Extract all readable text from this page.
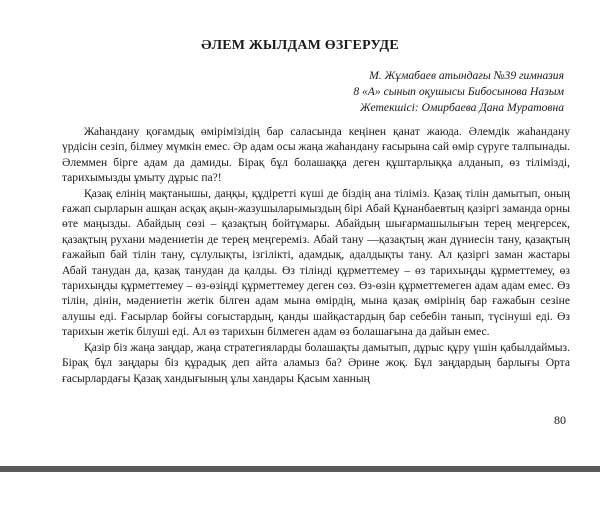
ӘЛЕМ ЖЫЛДАМ ӨЗГЕРУДЕ
М. Жұмабаев атындағы №39 гимназия
8 «А» сынып оқушысы Бибосынова Назым
Жетекшісі: Омирбаева Дана Муратовна

Жаһандану қоғамдық өмірімізідің бар саласында кеңінен қанат жаюда. Әлемдік жаһандану үрдісін сезіп, білмеу мүмкін емес. Әр адам осы жаңа жаһандану ғасырына сай өмір сүруге талпынады. Әлеммен бірге адам да дамиды. Бірақ бұл болашаққа деген құштарлыққа алданып, өз тілімізді, тарихымызды ұмыту дұрыс па?!

Қазақ елінің мақтанышы, даңқы, құдіретті күші де біздің ана тіліміз. Қазақ тілін дамытып, оның ғажап сырларын ашқан асқақ ақын-жазушыларымыздың бірі Абай Құнанбаевтың қазіргі заманда орны өте маңызды. Абайдың сөзі – қазақтың бойтұмары. Абайдың шығармашылығын терең меңгерсек, қазақтың рухани мәдениетін де терең меңгереміз. Абай тану —қазақтың жан дүниесін тану, қазақтың ғажайып бай тілін тану, сұлулықты, ізгілікті, адамдық, адалдықты тану. Ал қазіргі заман жастары Абай танудан да, қазақ танудан да қалды. Өз тілінді құрметтемеу – өз тарихыңды құрметтемеу, өз тарихыңды құрметтемеу – өз-өзіңді құрметтемеу деген сөз. Өз-өзін құрметтемеген адам адам емес. Өз тілін, дінін, мәдениетін жетік білген адам мына өмірдің, мына қазақ өмірінің бар ғажабын сезіне алушы еді. Ғасырлар бойғы соғыстардың, қанды шайқастардың бар себебін танып, түсінуші еді. Өз тарихын жетік білуші еді. Ал өз тарихын білмеген адам өз болашағына да дайын емес.

Қазір біз жаңа заңдар, жаңа стратегияларды болашақты дамытып, дұрыс құру үшін қабылдаймыз. Бірақ бұл заңдары біз құрадық деп айта аламыз ба? Әрине жоқ. Бұл заңдардың барлығы Орта ғасырлардағы Қазақ хандығының ұлы хандары Қасым ханның

80
